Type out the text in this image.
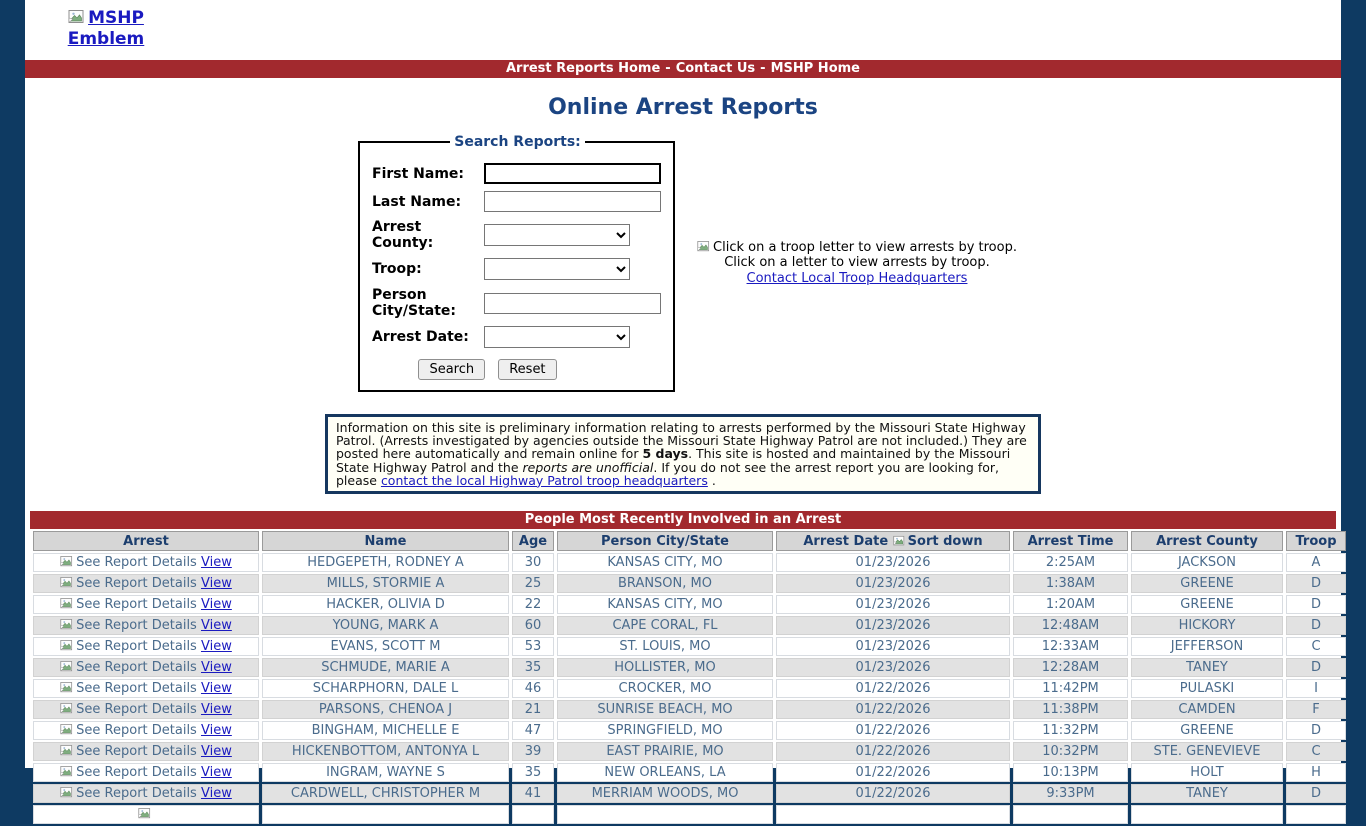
MSHP Emblem
Arrest Reports Home - Contact Us - MSHP Home
Online Arrest Reports
Search Reports:
First Name:
Last Name:
Arrest County:
Troop:
Person City/State:
Arrest Date:
Search	Reset
Click on a troop letter to view arrests by troop.
Click on a letter to view arrests by troop.
Contact Local Troop Headquarters
Information on this site is preliminary information relating to arrests performed by the Missouri State Highway Patrol. (Arrests investigated by agencies outside the Missouri State Highway Patrol are not included.) They are posted here automatically and remain online for 5 days. This site is hosted and maintained by the Missouri State Highway Patrol and the reports are unofficial. If you do not see the arrest report you are looking for, please contact the local Highway Patrol troop headquarters .
People Most Recently Involved in an Arrest
Arrest	Name	Age	Person City/State	Arrest Date Sort down	Arrest Time	Arrest County	Troop
See Report Details View	HEDGEPETH, RODNEY A	30	KANSAS CITY, MO	01/23/2026	2:25AM	JACKSON	A
See Report Details View	MILLS, STORMIE A	25	BRANSON, MO	01/23/2026	1:38AM	GREENE	D
See Report Details View	HACKER, OLIVIA D	22	KANSAS CITY, MO	01/23/2026	1:20AM	GREENE	D
See Report Details View	YOUNG, MARK A	60	CAPE CORAL, FL	01/23/2026	12:48AM	HICKORY	D
See Report Details View	EVANS, SCOTT M	53	ST. LOUIS, MO	01/23/2026	12:33AM	JEFFERSON	C
See Report Details View	SCHMUDE, MARIE A	35	HOLLISTER, MO	01/23/2026	12:28AM	TANEY	D
See Report Details View	SCHARPHORN, DALE L	46	CROCKER, MO	01/22/2026	11:42PM	PULASKI	I
See Report Details View	PARSONS, CHENOA J	21	SUNRISE BEACH, MO	01/22/2026	11:38PM	CAMDEN	F
See Report Details View	BINGHAM, MICHELLE E	47	SPRINGFIELD, MO	01/22/2026	11:32PM	GREENE	D
See Report Details View	HICKENBOTTOM, ANTONYA L	39	EAST PRAIRIE, MO	01/22/2026	10:32PM	STE. GENEVIEVE	C
See Report Details View	INGRAM, WAYNE S	35	NEW ORLEANS, LA	01/22/2026	10:13PM	HOLT	H
See Report Details View	CARDWELL, CHRISTOPHER M	41	MERRIAM WOODS, MO	01/22/2026	9:33PM	TANEY	D
